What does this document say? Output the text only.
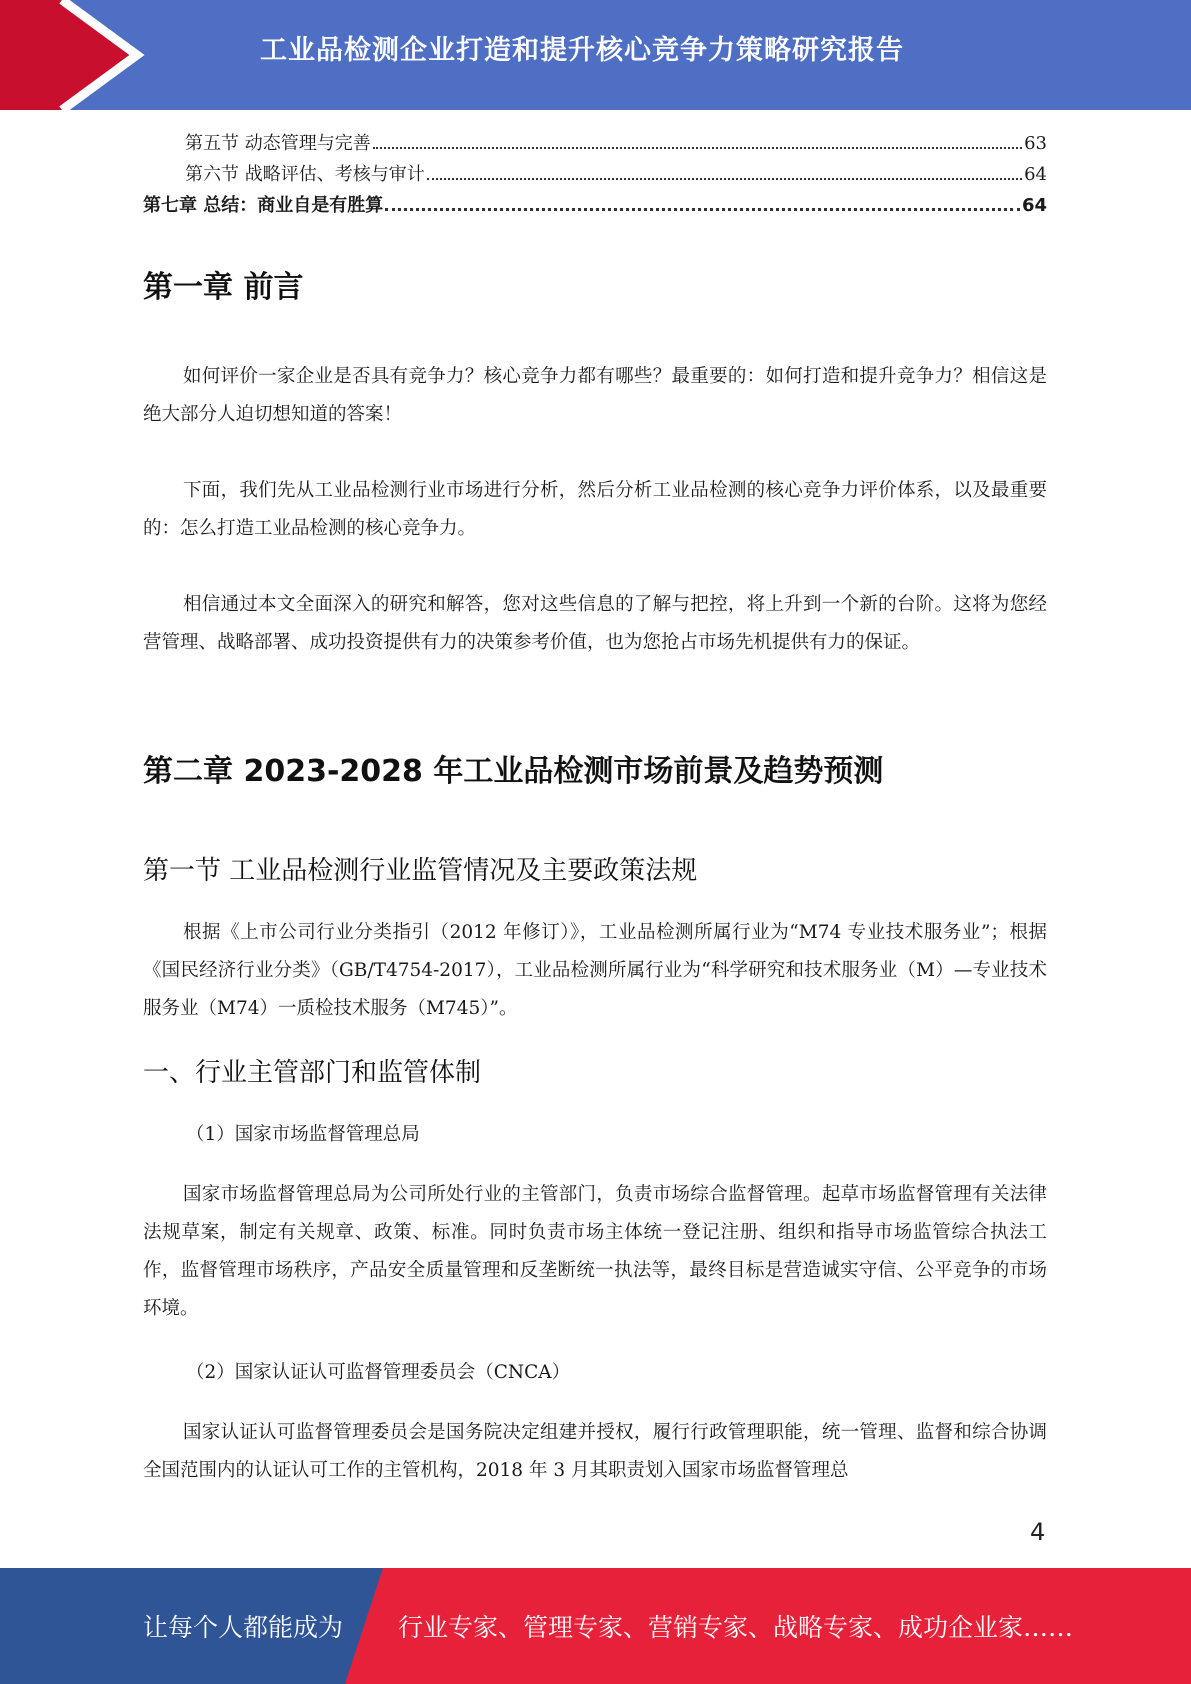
工业品检测企业打造和提升核心竞争力策略研究报告
第五节 动态管理与完善	63
第六节 战略评估、考核与审计	64
第七章 总结：商业自是有胜算	64
第一章 前言

如何评价一家企业是否具有竞争力？核心竞争力都有哪些？最重要的：如何打造和提升竞争力？相信这是绝大部分人迫切想知道的答案！

下面，我们先从工业品检测行业市场进行分析，然后分析工业品检测的核心竞争力评价体系，以及最重要的：怎么打造工业品检测的核心竞争力。

相信通过本文全面深入的研究和解答，您对这些信息的了解与把控，将上升到一个新的台阶。这将为您经营管理、战略部署、成功投资提供有力的决策参考价值，也为您抢占市场先机提供有力的保证。

第二章 2023-2028 年工业品检测市场前景及趋势预测
第一节 工业品检测行业监管情况及主要政策法规

根据《上市公司行业分类指引（2012 年修订）》，工业品检测所属行业为“M74 专业技术服务业”；根据《国民经济行业分类》（GB/T4754-2017），工业品检测所属行业为“科学研究和技术服务业（M）—专业技术服务业（M74）一质检技术服务（M745）”。

一、行业主管部门和监管体制
（1）国家市场监督管理总局

国家市场监督管理总局为公司所处行业的主管部门，负责市场综合监督管理。起草市场监督管理有关法律法规草案，制定有关规章、政策、标准。同时负责市场主体统一登记注册、组织和指导市场监管综合执法工作，监督管理市场秩序，产品安全质量管理和反垄断统一执法等，最终目标是营造诚实守信、公平竞争的市场环境。

（2）国家认证认可监督管理委员会（CNCA）

国家认证认可监督管理委员会是国务院决定组建并授权，履行行政管理职能，统一管理、监督和综合协调全国范围内的认证认可工作的主管机构，2018 年 3 月其职责划入国家市场监督管理总

4
让每个人都能成为 行业专家、管理专家、营销专家、战略专家、成功企业家……
